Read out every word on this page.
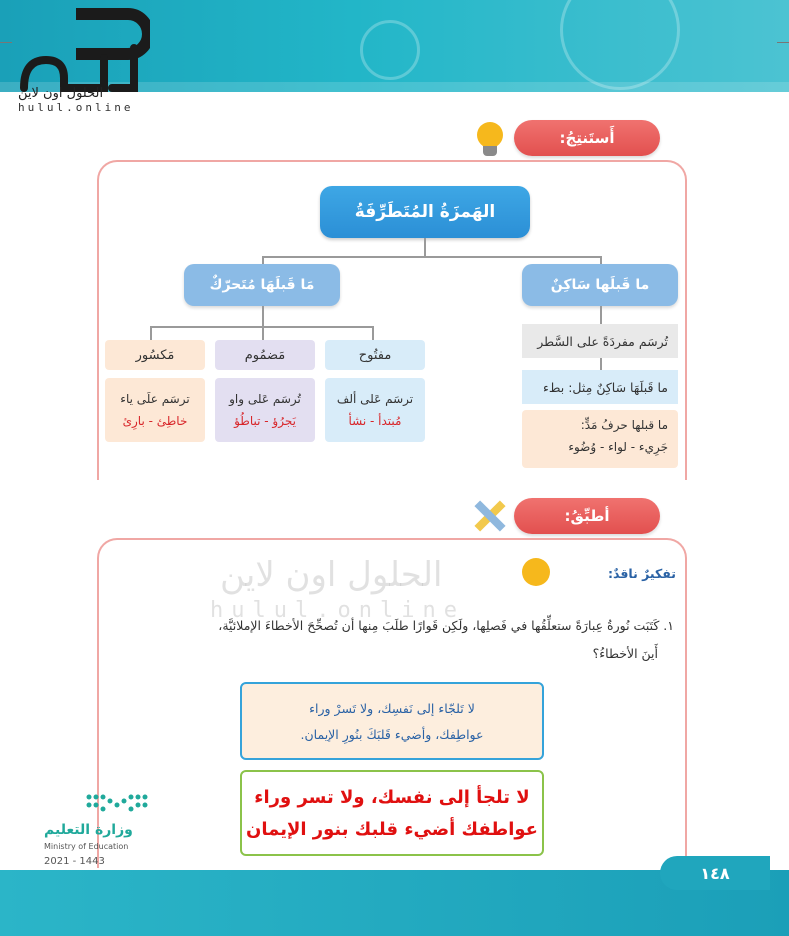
الحلول اون لاين
hulul.online
أَستَنتِجُ:
الهَمزَةُ المُتَطَرِّفَةُ
مَا قَبلَهَا مُتَحرّكٌ	ما قَبلَها سَاكِنٌ
مَكسُور	مَضمُوم	مفتُوح
ترسَم علَى ياء
خاطِئ - بارِئ
تُرسَم عَلى واو
يَجرُؤ - تباطُؤ
ترسَم عَلى ألف
مُبتدأ - نشأ
تُرسَم مفردَةً على السَّطر
ما قَبلَهَا سَاكِنٌ مِثل: بطء
ما قبلها حرفُ مَدٍّ:
جَرِيء - لواء - وُضُوء
أطبِّقُ:
تفكيرٌ ناقدٌ:
١. كَتَبَت نُورةُ عِبارَةً ستعلِّقُها في فَصلِها، ولَكِن قَوارًا طلَبَ مِنها أن تُصحِّحَ الأخطاءَ الإملائيَّة،
أَينَ الأخطاءُ؟
لا تَلجّاء إلى نَفسِك، ولا تَسرْ وراء
عواطِفك، وأضيء قَلبَكَ بنُورِ الإيمان.
لا تلجأ إلى نفسك، ولا تسر وراء
عواطفك أضيء قلبك بنور الإيمان
وزارة التعليم
Ministry of Education
2021 - 1443
١٤٨
الحلول اون لاين
hulul.online
